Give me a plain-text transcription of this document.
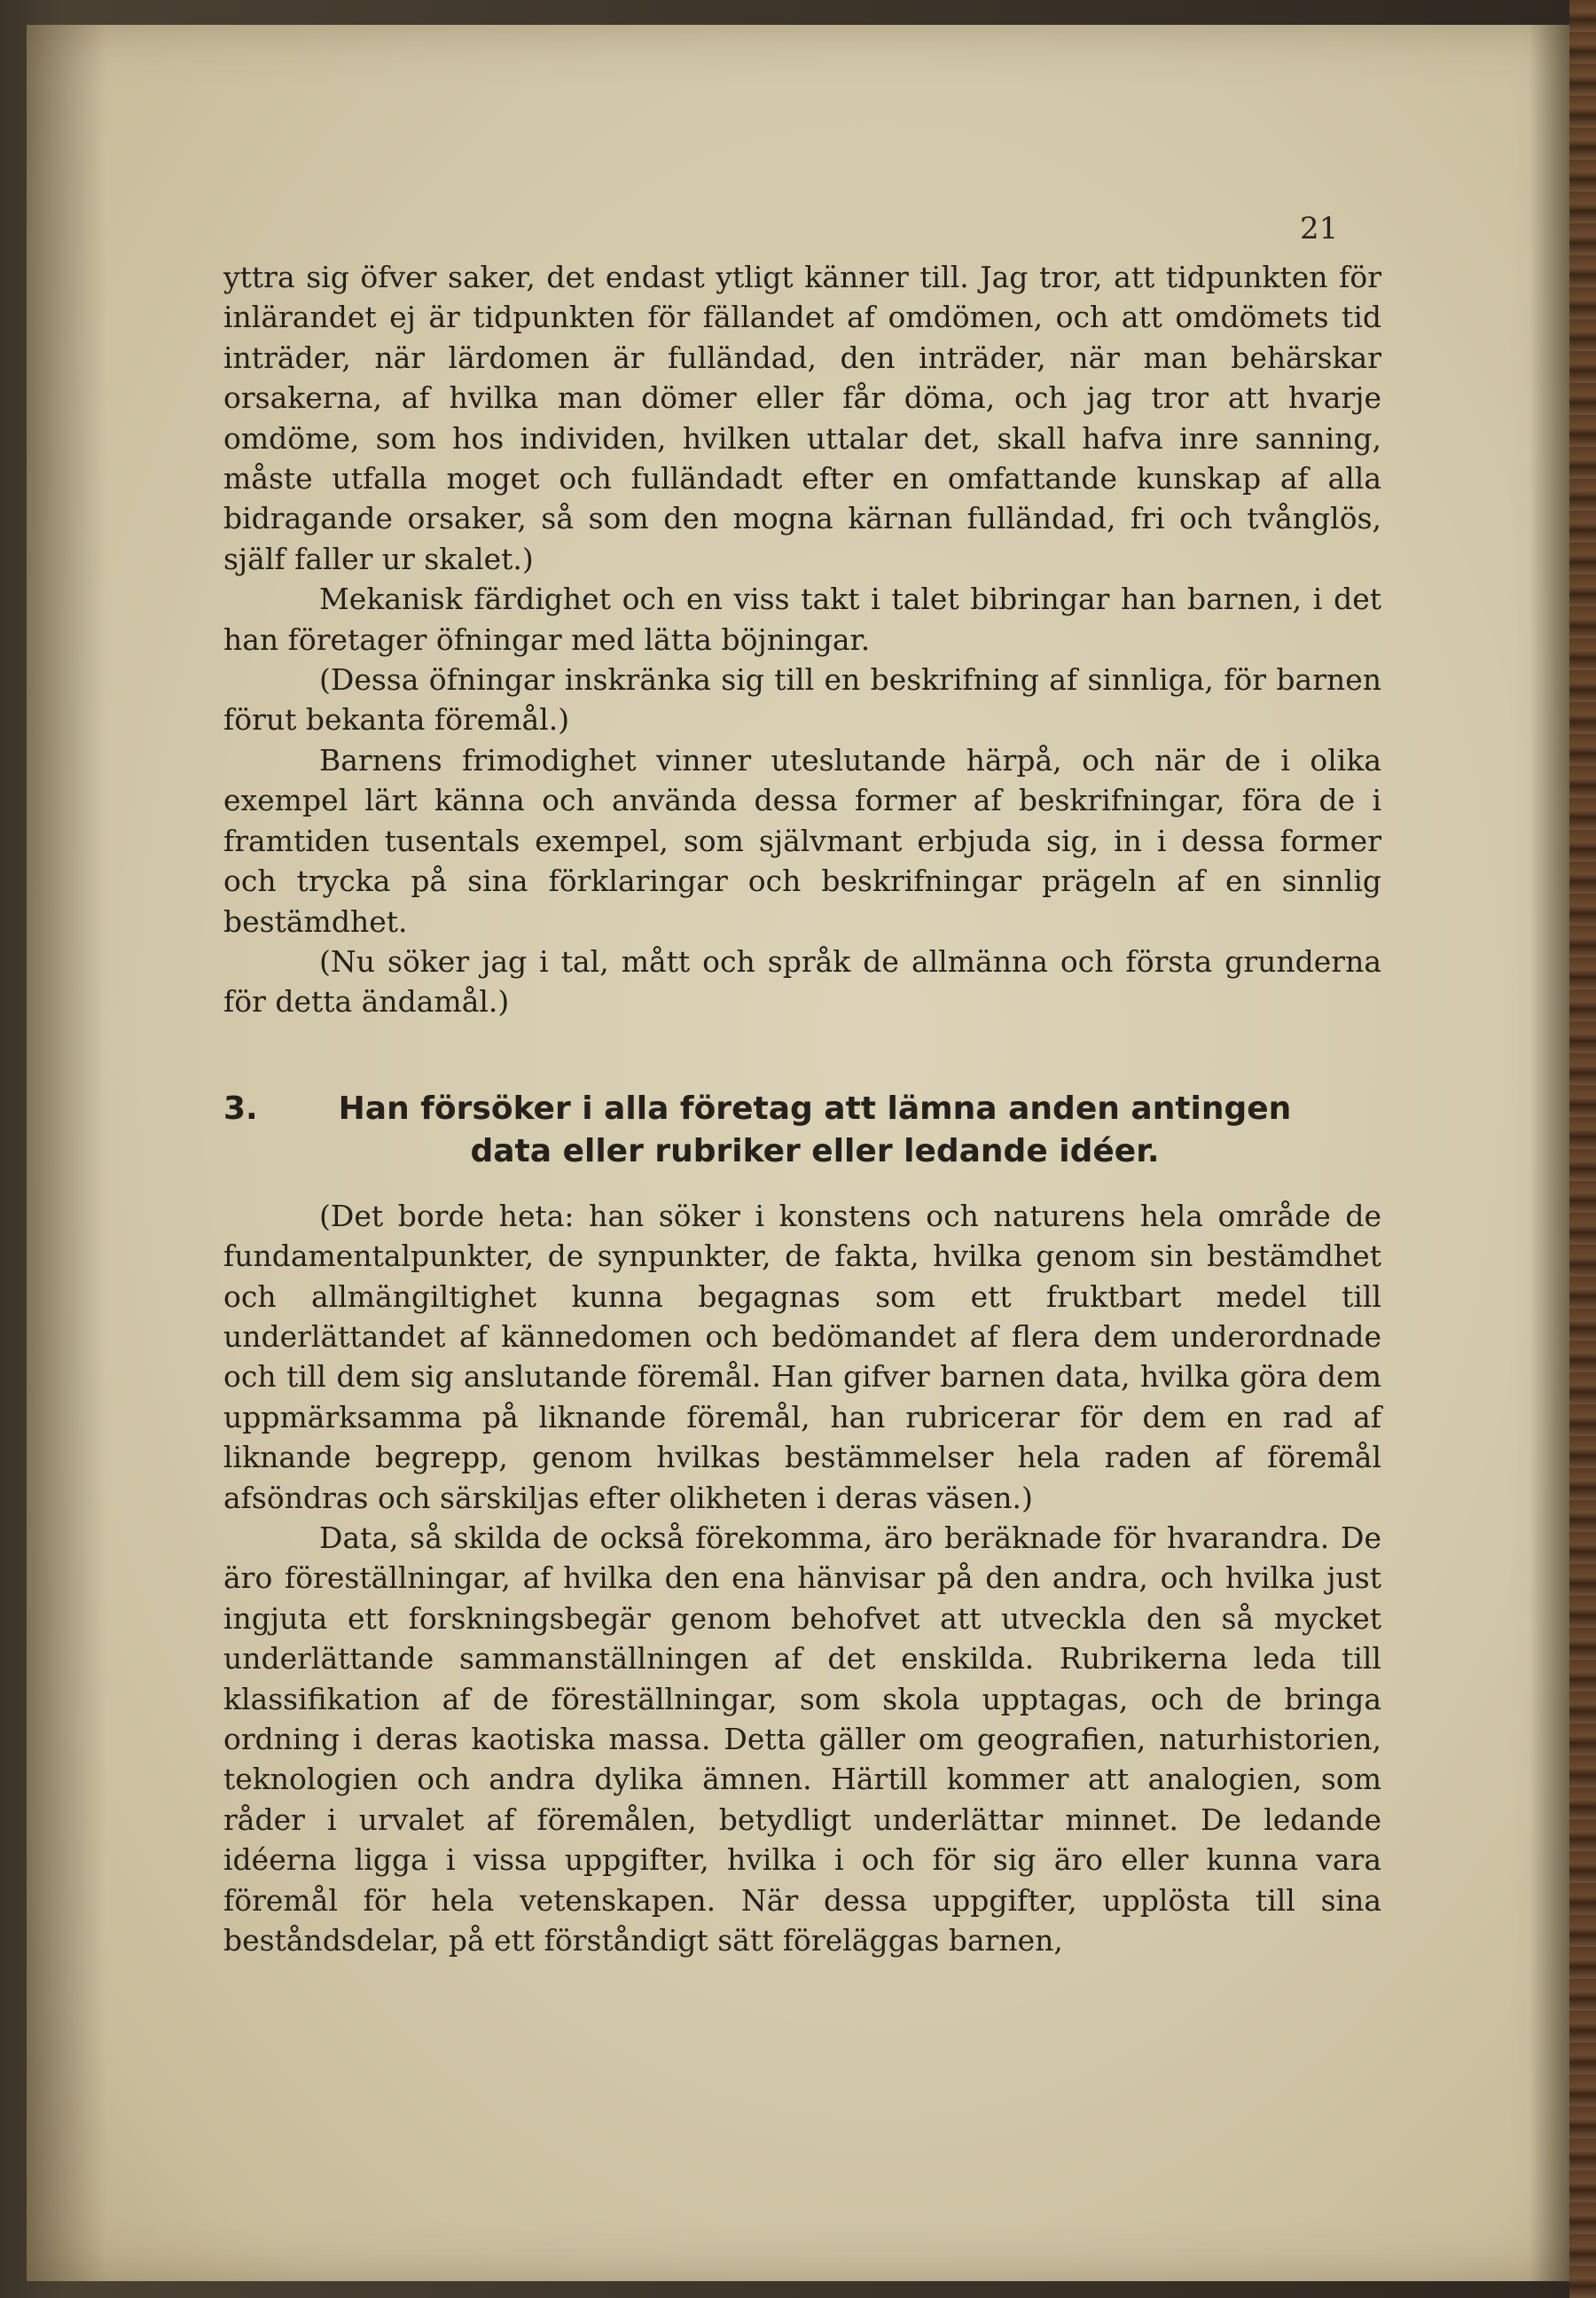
21

yttra sig öfver saker, det endast ytligt känner till. Jag tror, att tidpunkten för inlärandet ej är tidpunkten för fällandet af omdömen, och att omdömets tid inträder, när lärdomen är fulländad, den inträder, när man behärskar orsakerna, af hvilka man dömer eller får döma, och jag tror att hvarje omdöme, som hos individen, hvilken uttalar det, skall hafva inre sanning, måste utfalla moget och fulländadt efter en omfattande kunskap af alla bidragande orsaker, så som den mogna kärnan fulländad, fri och tvånglös, själf faller ur skalet.)

Mekanisk färdighet och en viss takt i talet bibringar han barnen, i det han företager öfningar med lätta böjningar.

(Dessa öfningar inskränka sig till en beskrifning af sinnliga, för barnen förut bekanta föremål.)

Barnens frimodighet vinner uteslutande härpå, och när de i olika exempel lärt känna och använda dessa former af beskrifningar, föra de i framtiden tusentals exempel, som självmant erbjuda sig, in i dessa former och trycka på sina förklaringar och beskrifningar prägeln af en sinnlig bestämdhet.

(Nu söker jag i tal, mått och språk de allmänna och första grunderna för detta ändamål.)

3.	Han försöker i alla företag att lämna anden antingen data eller rubriker eller ledande idéer.

(Det borde heta: han söker i konstens och naturens hela område de fundamentalpunkter, de synpunkter, de fakta, hvilka genom sin bestämdhet och allmängiltighet kunna begagnas som ett fruktbart medel till underlättandet af kännedomen och bedömandet af flera dem underordnade och till dem sig anslutande föremål. Han gifver barnen data, hvilka göra dem uppmärksamma på liknande föremål, han rubricerar för dem en rad af liknande begrepp, genom hvilkas bestämmelser hela raden af föremål afsöndras och särskiljas efter olikheten i deras väsen.)

Data, så skilda de också förekomma, äro beräknade för hvarandra. De äro föreställningar, af hvilka den ena hänvisar på den andra, och hvilka just ingjuta ett forskningsbegär genom behofvet att utveckla den så mycket underlättande sammanställningen af det enskilda. Rubrikerna leda till klassifikation af de föreställningar, som skola upptagas, och de bringa ordning i deras kaotiska massa. Detta gäller om geografien, naturhistorien, teknologien och andra dylika ämnen. Härtill kommer att analogien, som råder i urvalet af föremålen, betydligt underlättar minnet. De ledande idéerna ligga i vissa uppgifter, hvilka i och för sig äro eller kunna vara föremål för hela vetenskapen. När dessa uppgifter, upplösta till sina beståndsdelar, på ett förståndigt sätt föreläggas barnen,
